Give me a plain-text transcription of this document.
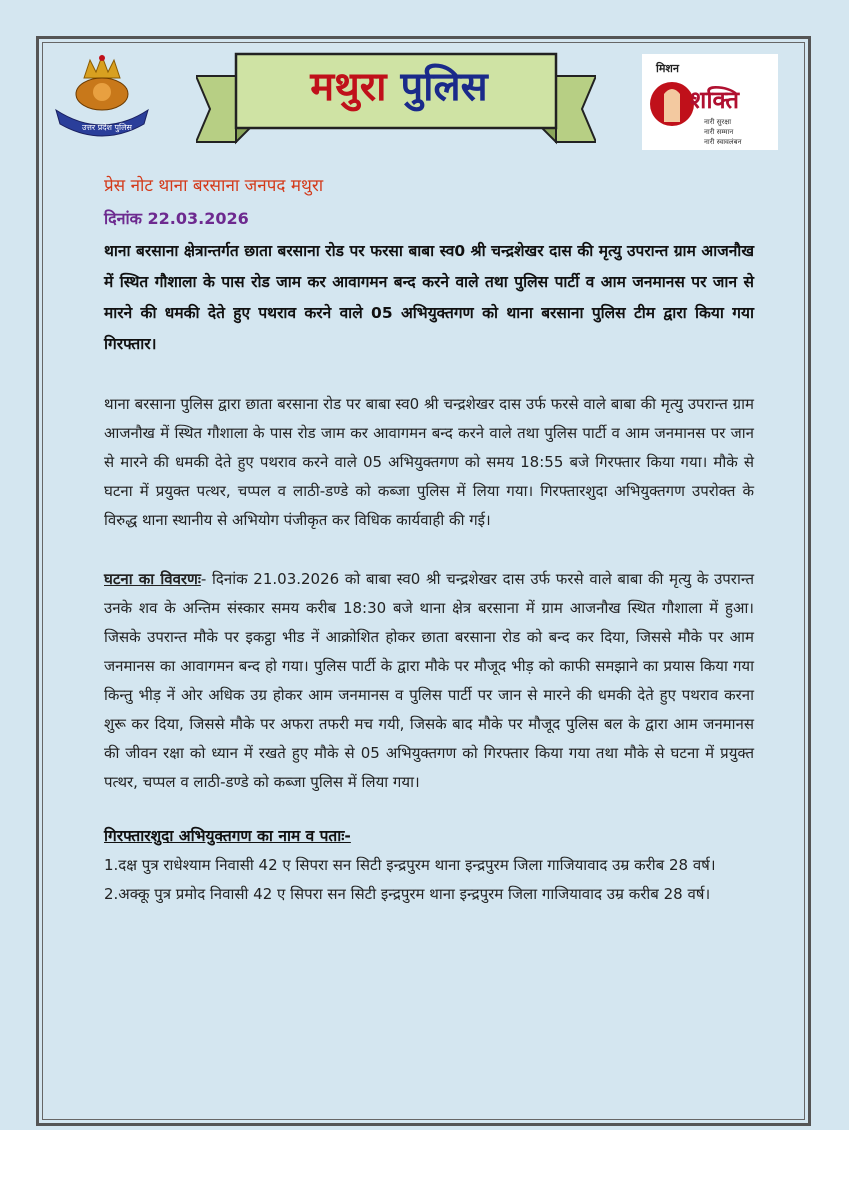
उत्तर प्रदेश पुलिस
मथुरा पुलिस	मिशन
शक्ति
नारी सुरक्षा
नारी सम्मान
नारी स्वावलंबन

प्रेस नोट थाना बरसाना जनपद मथुरा

दिनांक 22.03.2026

थाना बरसाना क्षेत्रान्तर्गत छाता बरसाना रोड पर फरसा बाबा स्व0 श्री चन्द्रशेखर दास की मृत्यु उपरान्त ग्राम आजनौख में स्थित गौशाला के पास रोड जाम कर आवागमन बन्द करने वाले तथा पुलिस पार्टी व आम जनमानस पर जान से मारने की धमकी देते हुए पथराव करने वाले 05 अभियुक्तगण को थाना बरसाना पुलिस टीम द्वारा किया गया गिरफ्तार।

थाना बरसाना पुलिस द्वारा छाता बरसाना रोड पर बाबा स्व0 श्री चन्द्रशेखर दास उर्फ फरसे वाले बाबा की मृत्यु उपरान्त ग्राम आजनौख में स्थित गौशाला के पास रोड जाम कर आवागमन बन्द करने वाले तथा पुलिस पार्टी व आम जनमानस पर जान से मारने की धमकी देते हुए पथराव करने वाले 05 अभियुक्तगण को समय 18:55 बजे गिरफ्तार किया गया। मौके से घटना में प्रयुक्त पत्थर, चप्पल व लाठी-डण्डे को कब्जा पुलिस में लिया गया। गिरफ्तारशुदा अभियुक्तगण उपरोक्त के विरुद्ध थाना स्थानीय से अभियोग पंजीकृत कर विधिक कार्यवाही की गई।

घटना का विवरणः- दिनांक 21.03.2026 को बाबा स्व0 श्री चन्द्रशेखर दास उर्फ फरसे वाले बाबा की मृत्यु के उपरान्त उनके शव के अन्तिम संस्कार समय करीब 18:30 बजे थाना क्षेत्र बरसाना में ग्राम आजनौख स्थित गौशाला में हुआ। जिसके उपरान्त मौके पर इकट्ठा भीड नें आक्रोशित होकर छाता बरसाना रोड को बन्द कर दिया, जिससे मौके पर आम जनमानस का आवागमन बन्द हो गया। पुलिस पार्टी के द्वारा मौके पर मौजूद भीड़ को काफी समझाने का प्रयास किया गया किन्तु भीड़ नें ओर अधिक उग्र होकर आम जनमानस व पुलिस पार्टी पर जान से मारने की धमकी देते हुए पथराव करना शुरू कर दिया, जिससे मौके पर अफरा तफरी मच गयी, जिसके बाद मौके पर मौजूद पुलिस बल के द्वारा आम जनमानस की जीवन रक्षा को ध्यान में रखते हुए मौके से 05 अभियुक्तगण को गिरफ्तार किया गया तथा मौके से घटना में प्रयुक्त पत्थर, चप्पल व लाठी-डण्डे को कब्जा पुलिस में लिया गया।

गिरफ्तारशुदा अभियुक्तगण का नाम व पताः-

1.दक्ष पुत्र राधेश्याम निवासी 42 ए सिपरा सन सिटी इन्द्रपुरम थाना इन्द्रपुरम जिला गाजियावाद उम्र करीब 28 वर्ष।

2.अक्कू पुत्र प्रमोद निवासी 42 ए सिपरा सन सिटी इन्द्रपुरम थाना इन्द्रपुरम जिला गाजियावाद उम्र करीब 28 वर्ष।
